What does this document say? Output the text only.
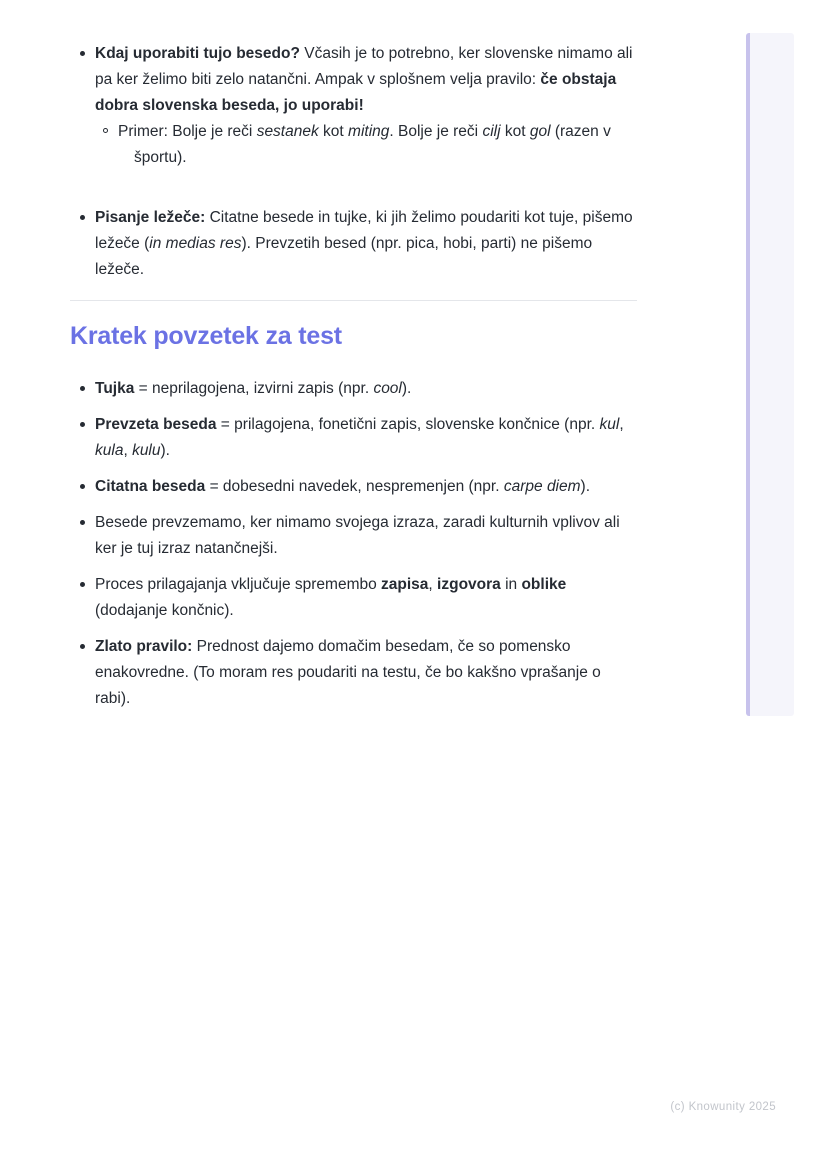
Kdaj uporabiti tujo besedo? Včasih je to potrebno, ker slovenske nimamo ali pa ker želimo biti zelo natančni. Ampak v splošnem velja pravilo: če obstaja dobra slovenska beseda, jo uporabi!
Primer: Bolje je reči sestanek kot miting. Bolje je reči cilj kot gol (razen v športu).
Pisanje ležeče: Citatne besede in tujke, ki jih želimo poudariti kot tuje, pišemo ležeče (in medias res). Prevzetih besed (npr. pica, hobi, parti) ne pišemo ležeče.
Kratek povzetek za test
Tujka = neprilagojena, izvirni zapis (npr. cool).
Prevzeta beseda = prilagojena, fonetični zapis, slovenske končnice (npr. kul, kula, kulu).
Citatna beseda = dobesedni navedek, nespremenjen (npr. carpe diem).
Besede prevzemamo, ker nimamo svojega izraza, zaradi kulturnih vplivov ali ker je tuj izraz natančnejši.
Proces prilagajanja vključuje spremembo zapisa, izgovora in oblike (dodajanje končnic).
Zlato pravilo: Prednost dajemo domačim besedam, če so pomensko enakovredne. (To moram res poudariti na testu, če bo kakšno vprašanje o rabi).
(c) Knowunity 2025
